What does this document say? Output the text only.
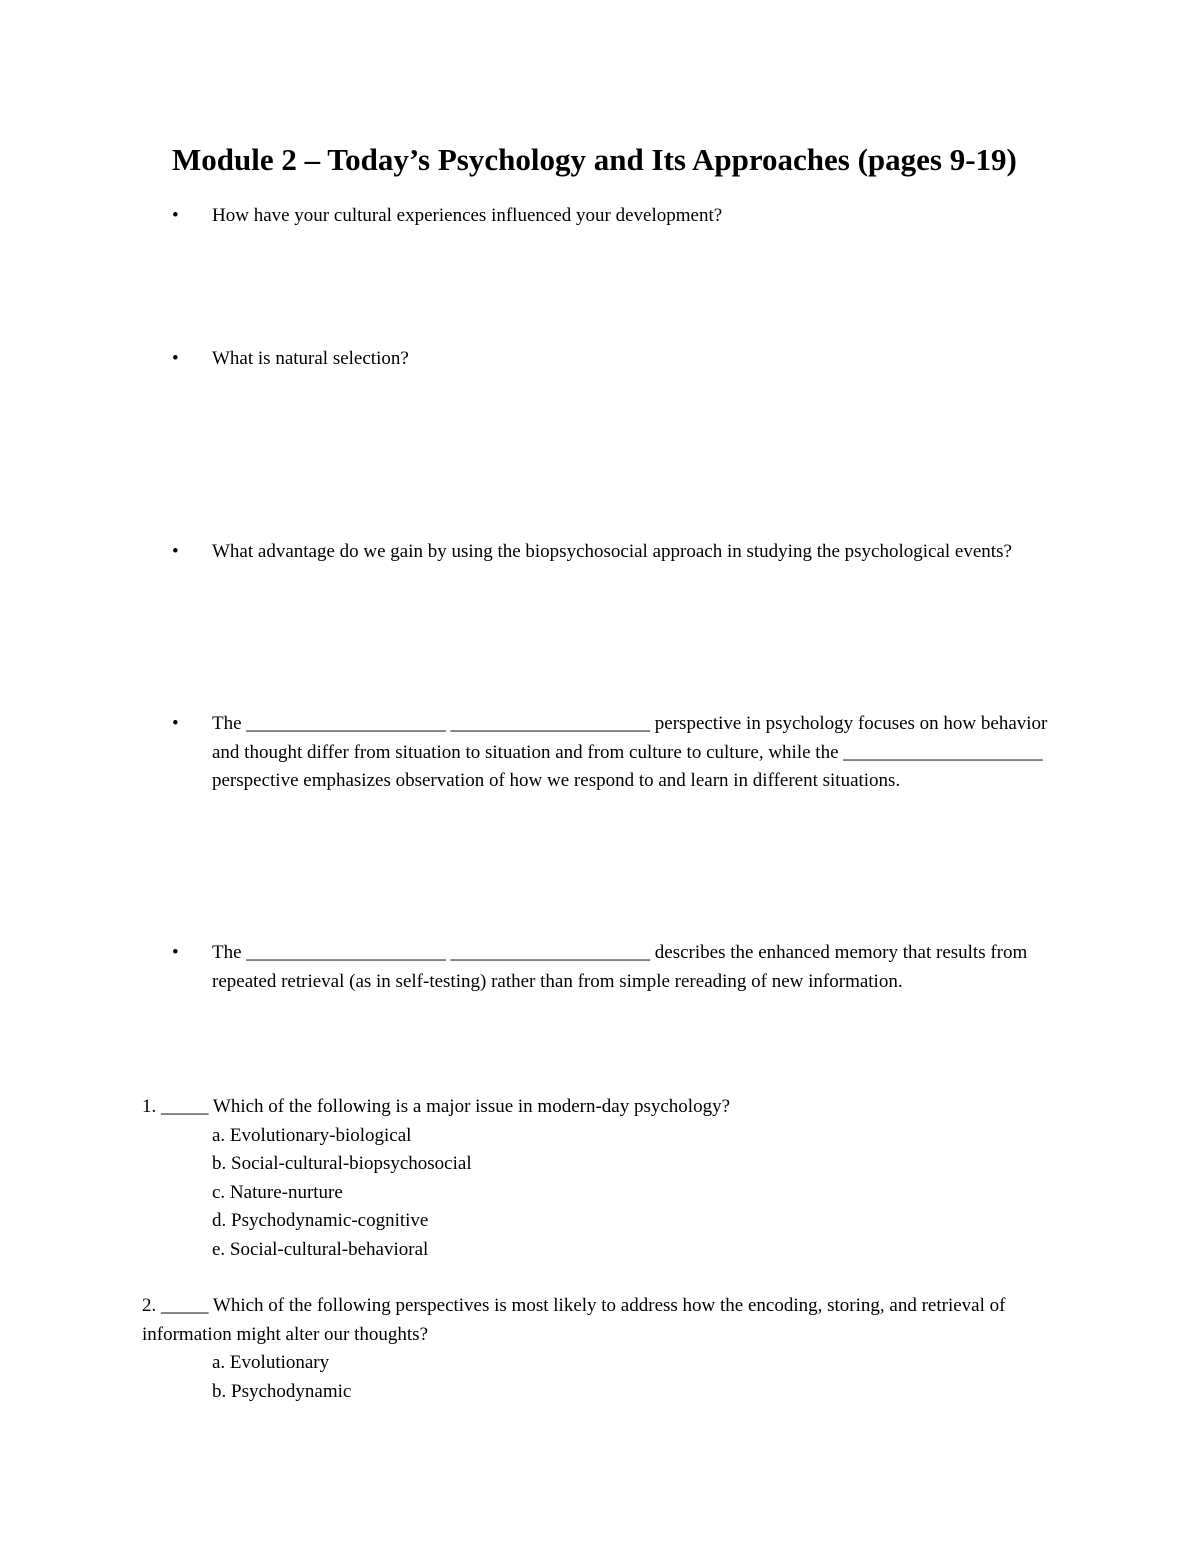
Module 2 – Today’s Psychology and Its Approaches (pages 9-19)
•	How have your cultural experiences influenced your development?
•	What is natural selection?
•	What advantage do we gain by using the biopsychosocial approach in studying the psychological events?
•	The _____________________ _____________________ perspective in psychology focuses on how behavior and thought differ from situation to situation and from culture to culture, while the _____________________ perspective emphasizes observation of how we respond to and learn in different situations.
•	The _____________________ _____________________ describes the enhanced memory that results from repeated retrieval (as in self-testing) rather than from simple rereading of new information.
1. _____ Which of the following is a major issue in modern-day psychology?
a. Evolutionary-biological
b. Social-cultural-biopsychosocial
c. Nature-nurture
d. Psychodynamic-cognitive
e. Social-cultural-behavioral
2. _____ Which of the following perspectives is most likely to address how the encoding, storing, and retrieval of information might alter our thoughts?
a. Evolutionary
b. Psychodynamic
